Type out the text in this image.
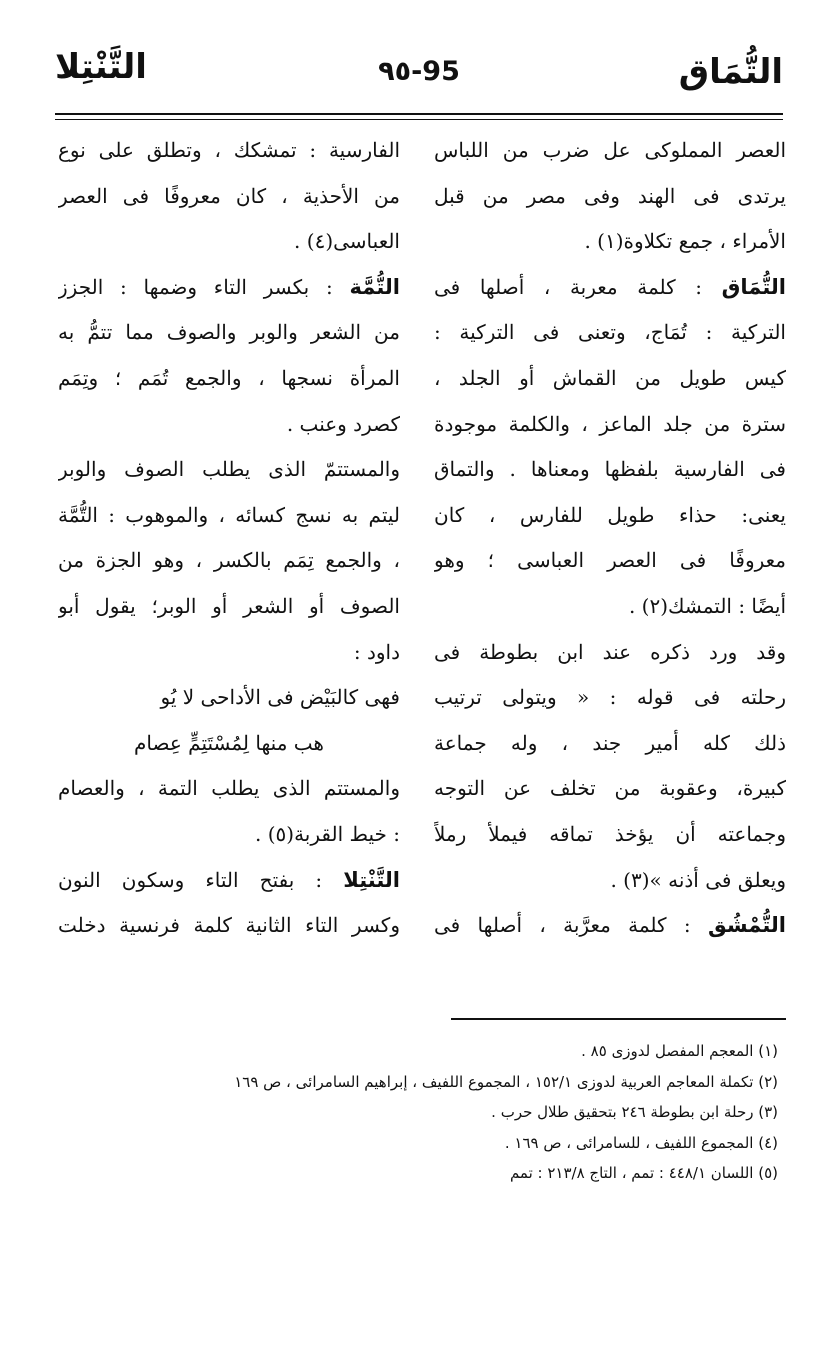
التُّمَاق
95-٩٥
التَّنْتِلا
العصر المملوكى عل ضرب من اللباس
يرتدى فى الهند وفى مصر من قبل
الأمراء ، جمع تكلاوة(١) .
التُّمَاق : كلمة معربة ، أصلها فى
التركية : تُمَاج، وتعنى فى التركية :
كيس طويل من القماش أو الجلد ،
سترة من جلد الماعز ، والكلمة موجودة
فى الفارسية بلفظها ومعناها . والتماق
يعنى: حذاء طويل للفارس ، كان
معروفًا فى العصر العباسى ؛ وهو
أيضًا : التمشك(٢) .
وقد ورد ذكره عند ابن بطوطة فى
رحلته فى قوله : « ويتولى ترتيب
ذلك كله أمير جند ، وله جماعة
كبيرة، وعقوبة من تخلف عن التوجه
وجماعته أن يؤخذ تماقه فيملأ رملاً
ويعلق فى أذنه »(٣) .
التُّمْشُق : كلمة معرَّبة ، أصلها فى
الفارسية : تمشكك ، وتطلق على نوع
من الأحذية ، كان معروفًا فى العصر
العباسى(٤) .
التُّمَّة : بكسر التاء وضمها : الجزز
من الشعر والوبر والصوف مما تتمُّ به
المرأة نسجها ، والجمع تُمَم ؛ وتِمَم
كصرد وعنب .
والمستتمّ الذى يطلب الصوف والوبر
ليتم به نسج كسائه ، والموهوب : التُّمَّة
، والجمع تِمَم بالكسر ، وهو الجزة من
الصوف أو الشعر أو الوبر؛ يقول أبو
داود :
فهى كالبَيْض فى الأداحى لا يُو
هب منها لِمُسْتَتِمٍّ عِصام
والمستتم الذى يطلب التمة ، والعصام
: خيط القربة(٥) .
التَّنْتِلا : بفتح التاء وسكون النون
وكسر التاء الثانية كلمة فرنسية دخلت
(١) المعجم المفصل لدوزى ٨٥ .
(٢) تكملة المعاجم العربية لدوزى ١٥٢/١ ، المجموع اللفيف ، إبراهيم السامرائى ، ص ١٦٩
(٣) رحلة ابن بطوطة ٢٤٦ بتحقيق طلال حرب .
(٤) المجموع اللفيف ، للسامرائى ، ص ١٦٩ .
(٥) اللسان ٤٤٨/١ : تمم ، التاج ٢١٣/٨ : تمم
